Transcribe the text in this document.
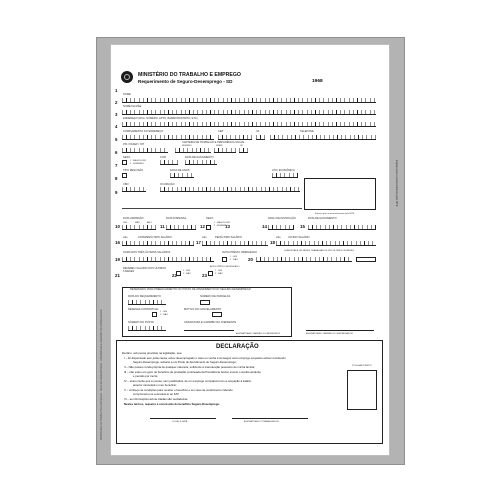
MINISTÉRIO DO TRABALHO E EMPREGO · SEGURO-DESEMPREGO · ASSINATURA E CARIMBO DO EMPREGADOR
Espaço para o preenchimento pelo MTE
MINISTÉRIO DO TRABALHO E EMPREGO
Requerimento de Seguro-Desemprego - SD	1968
1
2
3
4
5
6
7
8
9
10	11	12	13	14	15
16	17	18
19	20
21	22	23
NOME
NOME DA MÃE
ENDEREÇO (RUA, NÚMERO, APTO, BAIRRO/DISTRITO, ETC)
COMPLEMENTO DO ENDEREÇO	CEP	UF	TELEFONE
PIS / PASEP / NIT
CARTEIRA DE TRABALHO E PREVIDÊNCIA SOCIAL
NÚMERO	SÉRIE	UF
SEXO
1 - MASCULINO
2 - FEMININO
COR	DATA DE NASCIMENTO
TIPO RESCISÃO	FAIXA DE ANOS	ATIV. ECONÔMICA
CBO	OCUPAÇÃO
Espaço para o preenchimento pelo MTE
DATA ADMISSÃO
DIA	MÊS	ANO
DATA DISPENSA	SEXO
1 - MASCULINO
2 - FEMININO
GRAU DE INSTRUÇÃO	DATA DE NASCIMENTO
ANTEPENÚLTIMO SALÁRIO
MÊS	PENÚLTIMO SALÁRIO
MÊS	ÚLTIMO SALÁRIO
MÊS
SOMA DOS TRÊS ÚLTIMOS SALÁRIOS	AVISO PRÉVIO INDENIZADO
1 - SIM
2 - NÃO
QUANTIDADE DE MESES TRABALHADOS NOS ÚLTIMOS 36 MESES
RECEBEU SALÁRIO NOS ÚLTIMOS 6 MESES	1 - SIM
2 - NÃO
AVISO PRÉVIO INDENIZADO
1 - SIM
2 - NÃO
RESERVADO PARA PREENCHIMENTO NO POSTO DE ATENDIMENTO DO SEGURO-DESEMPREGO
DATA DO REQUERIMENTO	NÚMERO DE PARCELAS
RESENHA CONTRATUAL
1 - SIM
2 - NÃO
MOTIVO DO CANCELAMENTO
NÚMERO DO POSTO	ASSINATURA E CARIMBO DO ATENDENTE
ASSINATURA E CARIMBO DO ATENDENTE	ASSINATURA E CARIMBO DO EMPREGADOR
DECLARAÇÃO
Declaro, sob penas previstas na legislação, que:
I – fui dispensado sem justa causa, estou desempregado e caso eu venha a conseguir outro emprego enquanto estiver recebendo
Seguro-Desemprego, avisarei a um Posto de Atendimento do Seguro-Desemprego;
II – Não possuo renda própria de qualquer natureza, suficiente à manutenção pessoal e de minha família;
III – não estou em gozo de benefício de prestação continuada da Previdência Social, exceto o auxílio-acidente
e pensão por morte;
IV – estou ciente que a recusa, sem justificativa, de um emprego compatível com a ocupação à salário
anterior cancelará o meu benefício;
V – conheço as condições para receber o benefício e em caso de recebimento indevido
comprometo-me a devolvê-lo ao FAT;
VI – as informações acima citadas são verdadeiras.
Nestes termos, requeiro a concessão do benefício Seguro-Desemprego.
POLEGAR DIREITO
LOCAL E DATA	ASSINATURA DO TRABALHADOR
